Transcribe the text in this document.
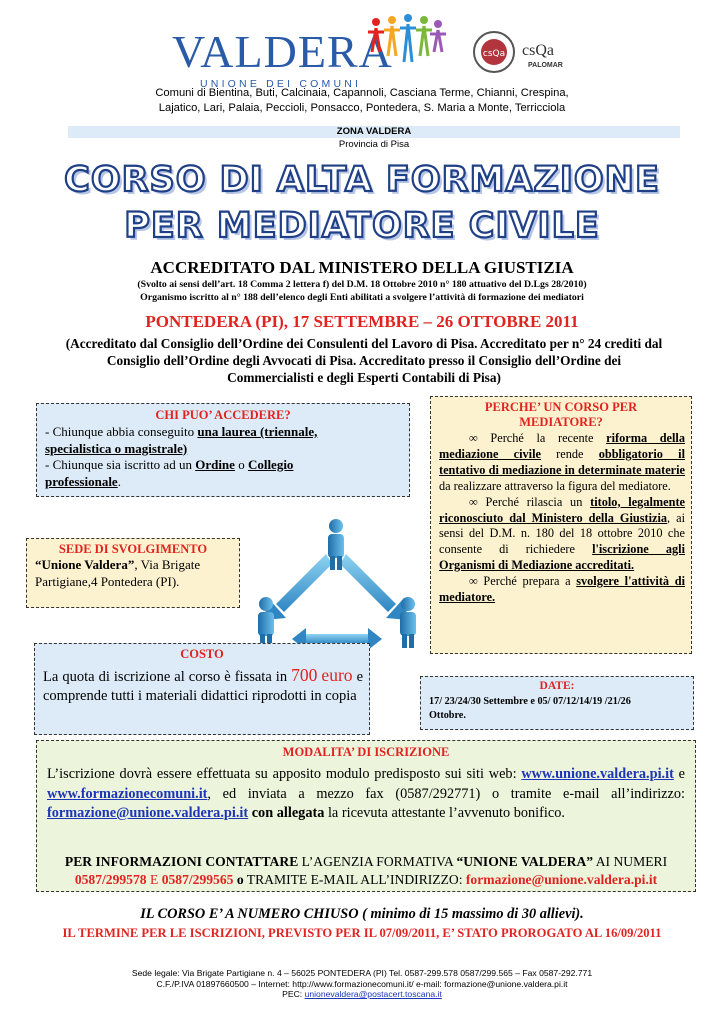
VALDERA
UNIONE DEI COMUNI
csQa csQa
PALOMAR
Comuni di Bientina, Buti, Calcinaia, Capannoli, Casciana Terme, Chianni, Crespina,
Lajatico, Lari, Palaia, Peccioli, Ponsacco, Pontedera, S. Maria a Monte, Terricciola
ZONA VALDERA
Provincia di Pisa
CORSO DI ALTA FORMAZIONE
PER MEDIATORE CIVILE
ACCREDITATO DAL MINISTERO DELLA GIUSTIZIA
(Svolto ai sensi dell’art. 18 Comma 2 lettera f) del D.M. 18 Ottobre 2010 n° 180 attuativo del D.Lgs 28/2010)
Organismo iscritto al n° 188 dell’elenco degli Enti abilitati a svolgere l’attività di formazione dei mediatori
PONTEDERA (PI), 17 SETTEMBRE – 26 OTTOBRE 2011
(Accreditato dal Consiglio dell’Ordine dei Consulenti del Lavoro di Pisa. Accreditato per n° 24 crediti dal
Consiglio dell’Ordine degli Avvocati di Pisa. Accreditato presso il Consiglio dell’Ordine dei
Commercialisti e degli Esperti Contabili di Pisa)
CHI PUO’ ACCEDERE?
- Chiunque abbia conseguito una laurea (triennale,
specialistica o magistrale)
- Chiunque sia iscritto ad un Ordine o Collegio
professionale.
PERCHE’ UN CORSO PER
MEDIATORE?

∞ Perché la recente riforma della mediazione civile rende obbligatorio il tentativo di mediazione in determinate materie da realizzare attraverso la figura del mediatore.

∞ Perché rilascia un titolo, legalmente riconosciuto dal Ministero della Giustizia, ai sensi del D.M. n. 180 del 18 ottobre 2010 che consente di richiedere l'iscrizione agli Organismi di Mediazione accreditati.

∞ Perché prepara a svolgere l'attività di mediatore.

SEDE DI SVOLGIMENTO
“Unione Valdera”, Via Brigate
Partigiane,4 Pontedera (PI).
COSTO
La quota di iscrizione al corso è fissata in 700 euro e comprende tutti i materiali didattici riprodotti in copia
DATE:
17/ 23/24/30 Settembre e 05/ 07/12/14/19 /21/26
Ottobre.
MODALITA’ DI ISCRIZIONE
L’iscrizione dovrà essere effettuata su apposito modulo predisposto sui siti web: www.unione.valdera.pi.it e www.formazionecomuni.it, ed inviata a mezzo fax (0587/292771) o tramite e-mail all’indirizzo: formazione@unione.valdera.pi.it con allegata la ricevuta attestante l’avvenuto bonifico.
PER INFORMAZIONI CONTATTARE L’AGENZIA FORMATIVA “UNIONE VALDERA” AI NUMERI
0587/299578 E 0587/299565 o TRAMITE E-MAIL ALL’INDIRIZZO: formazione@unione.valdera.pi.it
IL CORSO E’ A NUMERO CHIUSO ( minimo di 15 massimo di 30 allievi).
IL TERMINE PER LE ISCRIZIONI, PREVISTO PER IL 07/09/2011, E’ STATO PROROGATO AL 16/09/2011
Sede legale: Via Brigate Partigiane n. 4 – 56025 PONTEDERA (PI) Tel. 0587-299.578 0587/299.565 – Fax 0587-292.771
C.F./P.IVA 01897660500 – Internet: http://www.formazionecomuni.it/ e-mail: formazione@unione.valdera.pi.it
PEC: unionevaldera@postacert.toscana.it
